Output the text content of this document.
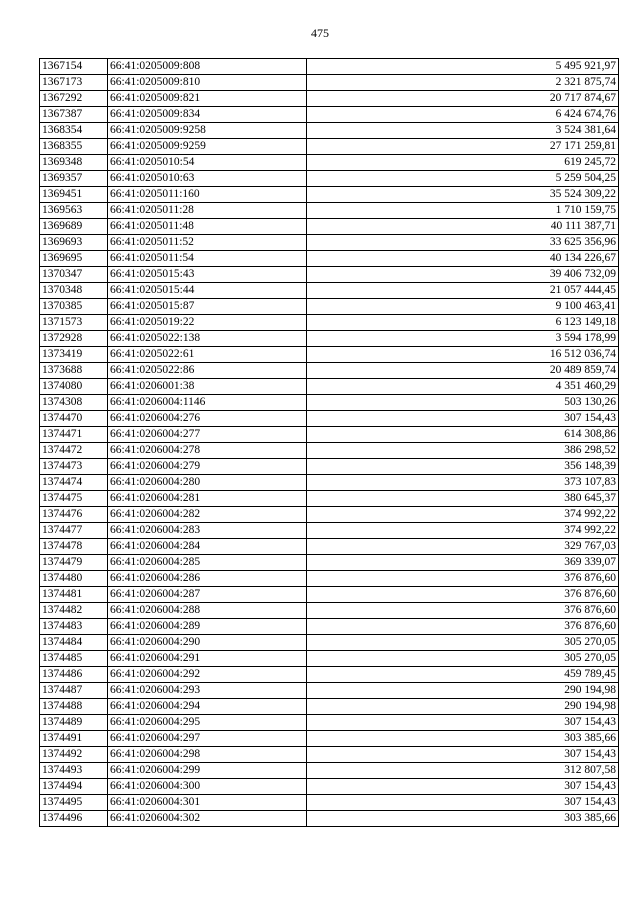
475
1367154	66:41:0205009:808	5 495 921,97
1367173	66:41:0205009:810	2 321 875,74
1367292	66:41:0205009:821	20 717 874,67
1367387	66:41:0205009:834	6 424 674,76
1368354	66:41:0205009:9258	3 524 381,64
1368355	66:41:0205009:9259	27 171 259,81
1369348	66:41:0205010:54	619 245,72
1369357	66:41:0205010:63	5 259 504,25
1369451	66:41:0205011:160	35 524 309,22
1369563	66:41:0205011:28	1 710 159,75
1369689	66:41:0205011:48	40 111 387,71
1369693	66:41:0205011:52	33 625 356,96
1369695	66:41:0205011:54	40 134 226,67
1370347	66:41:0205015:43	39 406 732,09
1370348	66:41:0205015:44	21 057 444,45
1370385	66:41:0205015:87	9 100 463,41
1371573	66:41:0205019:22	6 123 149,18
1372928	66:41:0205022:138	3 594 178,99
1373419	66:41:0205022:61	16 512 036,74
1373688	66:41:0205022:86	20 489 859,74
1374080	66:41:0206001:38	4 351 460,29
1374308	66:41:0206004:1146	503 130,26
1374470	66:41:0206004:276	307 154,43
1374471	66:41:0206004:277	614 308,86
1374472	66:41:0206004:278	386 298,52
1374473	66:41:0206004:279	356 148,39
1374474	66:41:0206004:280	373 107,83
1374475	66:41:0206004:281	380 645,37
1374476	66:41:0206004:282	374 992,22
1374477	66:41:0206004:283	374 992,22
1374478	66:41:0206004:284	329 767,03
1374479	66:41:0206004:285	369 339,07
1374480	66:41:0206004:286	376 876,60
1374481	66:41:0206004:287	376 876,60
1374482	66:41:0206004:288	376 876,60
1374483	66:41:0206004:289	376 876,60
1374484	66:41:0206004:290	305 270,05
1374485	66:41:0206004:291	305 270,05
1374486	66:41:0206004:292	459 789,45
1374487	66:41:0206004:293	290 194,98
1374488	66:41:0206004:294	290 194,98
1374489	66:41:0206004:295	307 154,43
1374491	66:41:0206004:297	303 385,66
1374492	66:41:0206004:298	307 154,43
1374493	66:41:0206004:299	312 807,58
1374494	66:41:0206004:300	307 154,43
1374495	66:41:0206004:301	307 154,43
1374496	66:41:0206004:302	303 385,66
